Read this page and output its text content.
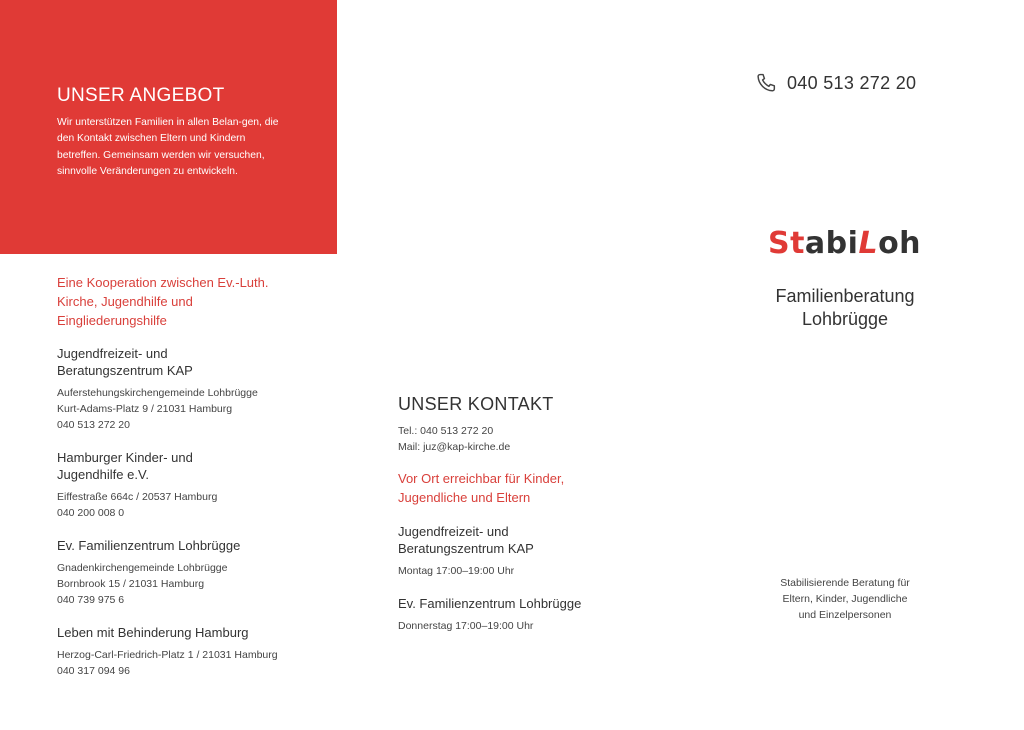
UNSER ANGEBOT

Wir unterstützen Familien in allen Belan-gen, die den Kontakt zwischen Eltern und Kindern betreffen. Gemeinsam werden wir versuchen, sinnvolle Veränderungen zu entwickeln.

Eine Kooperation zwischen Ev.-Luth. Kirche, Jugendhilfe und Eingliederungshilfe

Jugendfreizeit- und
Beratungszentrum KAP

Auferstehungskirchengemeinde Lohbrügge

Kurt-Adams-Platz 9 / 21031 Hamburg

040 513 272 20

Hamburger Kinder- und
Jugendhilfe e.V.

Eiffestraße 664c / 20537 Hamburg

040 200 008 0

Ev. Familienzentrum Lohbrügge

Gnadenkirchengemeinde Lohbrügge

Bornbrook 15 / 21031 Hamburg

040 739 975 6

Leben mit Behinderung Hamburg

Herzog-Carl-Friedrich-Platz 1 / 21031 Hamburg

040 317 094 96

UNSER KONTAKT

Tel.: 040 513 272 20

Mail: juz@kap-kirche.de

Vor Ort erreichbar für Kinder,
Jugendliche und Eltern

Jugendfreizeit- und
Beratungszentrum KAP

Montag 17:00–19:00 Uhr

Ev. Familienzentrum Lohbrügge

Donnerstag 17:00–19:00 Uhr

040 513 272 20
StabiLoh

Familienberatung
Lohbrügge

Stabilisierende Beratung für
Eltern, Kinder, Jugendliche
und Einzelpersonen
